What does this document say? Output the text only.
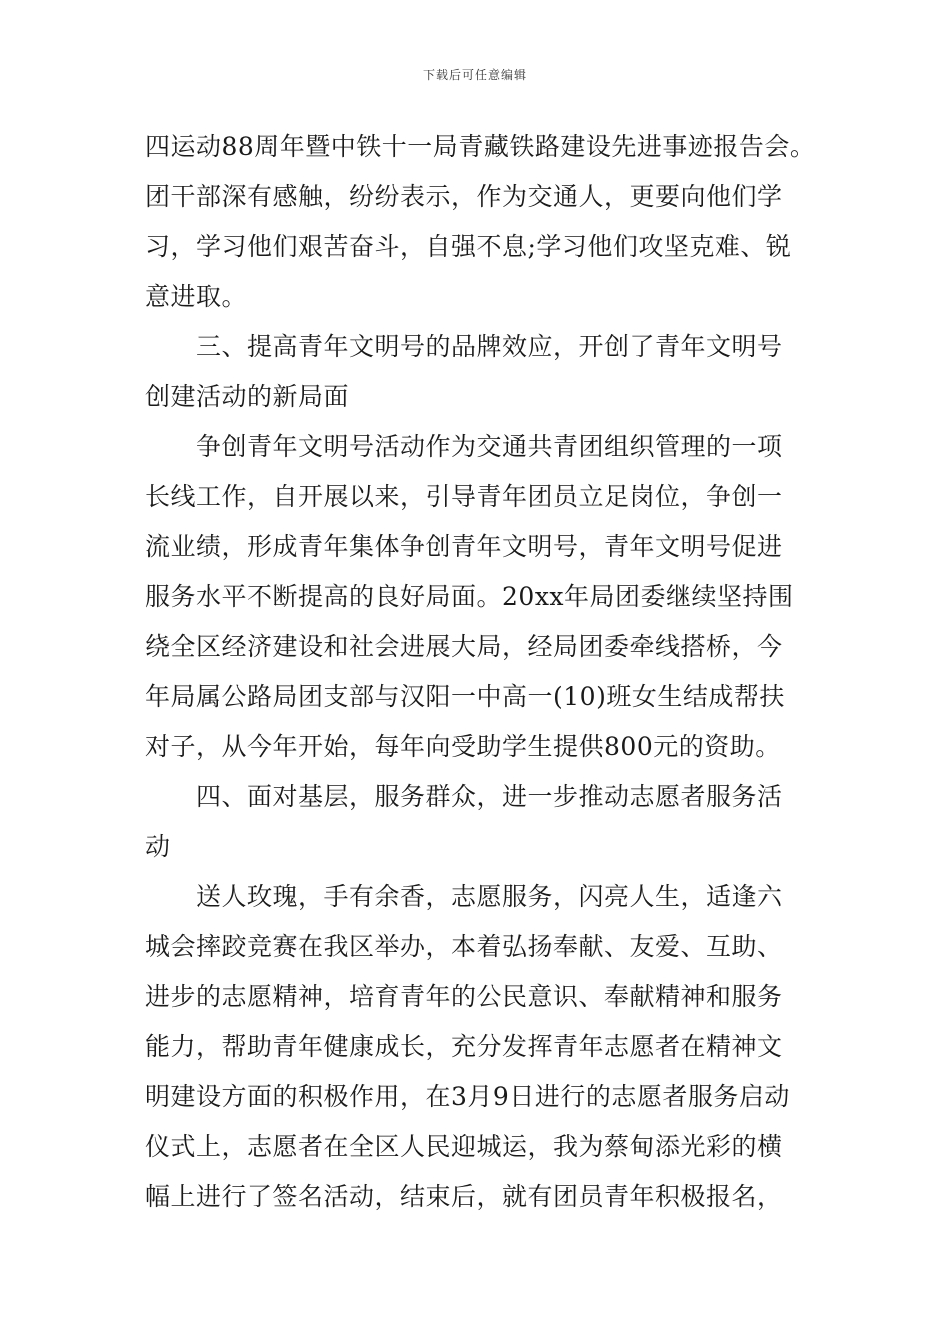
下载后可任意编辑
四运动88周年暨中铁十一局青藏铁路建设先进事迹报告会。
团干部深有感触，纷纷表示，作为交通人，更要向他们学
习，学习他们艰苦奋斗，自强不息;学习他们攻坚克难、锐
意进取。
　　三、提高青年文明号的品牌效应，开创了青年文明号
创建活动的新局面
　　争创青年文明号活动作为交通共青团组织管理的一项
长线工作，自开展以来，引导青年团员立足岗位，争创一
流业绩，形成青年集体争创青年文明号，青年文明号促进
服务水平不断提高的良好局面。20xx年局团委继续坚持围
绕全区经济建设和社会进展大局，经局团委牵线搭桥，今
年局属公路局团支部与汉阳一中高一(10)班女生结成帮扶
对子，从今年开始，每年向受助学生提供800元的资助。
　　四、面对基层，服务群众，进一步推动志愿者服务活
动
　　送人玫瑰，手有余香，志愿服务，闪亮人生，适逢六
城会摔跤竞赛在我区举办，本着弘扬奉献、友爱、互助、
进步的志愿精神，培育青年的公民意识、奉献精神和服务
能力，帮助青年健康成长，充分发挥青年志愿者在精神文
明建设方面的积极作用，在3月9日进行的志愿者服务启动
仪式上，志愿者在全区人民迎城运，我为蔡甸添光彩的横
幅上进行了签名活动，结束后，就有团员青年积极报名，
